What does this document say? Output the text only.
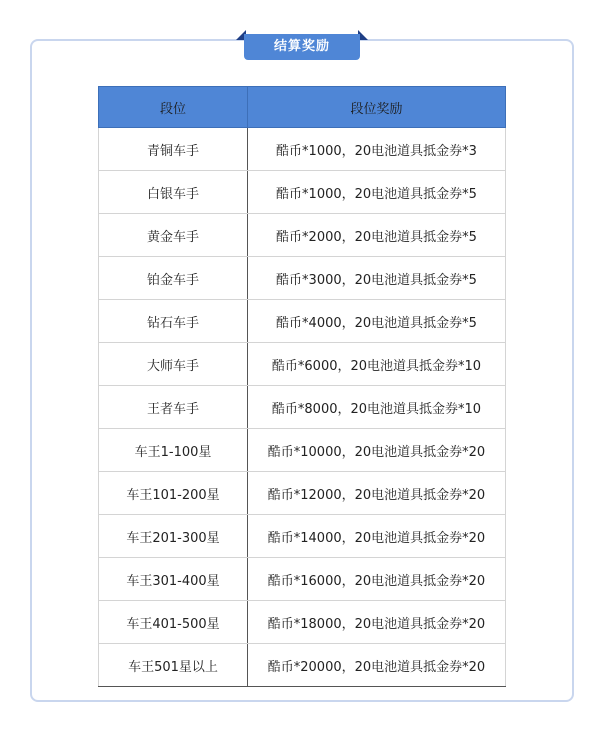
结算奖励
段位	段位奖励
青铜车手	酷币*1000，20电池道具抵金券*3
白银车手	酷币*1000，20电池道具抵金券*5
黄金车手	酷币*2000，20电池道具抵金券*5
铂金车手	酷币*3000，20电池道具抵金券*5
钻石车手	酷币*4000，20电池道具抵金券*5
大师车手	酷币*6000，20电池道具抵金券*10
王者车手	酷币*8000，20电池道具抵金券*10
车王1-100星	酷币*10000，20电池道具抵金券*20
车王101-200星	酷币*12000，20电池道具抵金券*20
车王201-300星	酷币*14000，20电池道具抵金券*20
车王301-400星	酷币*16000，20电池道具抵金券*20
车王401-500星	酷币*18000，20电池道具抵金券*20
车王501星以上	酷币*20000，20电池道具抵金券*20
